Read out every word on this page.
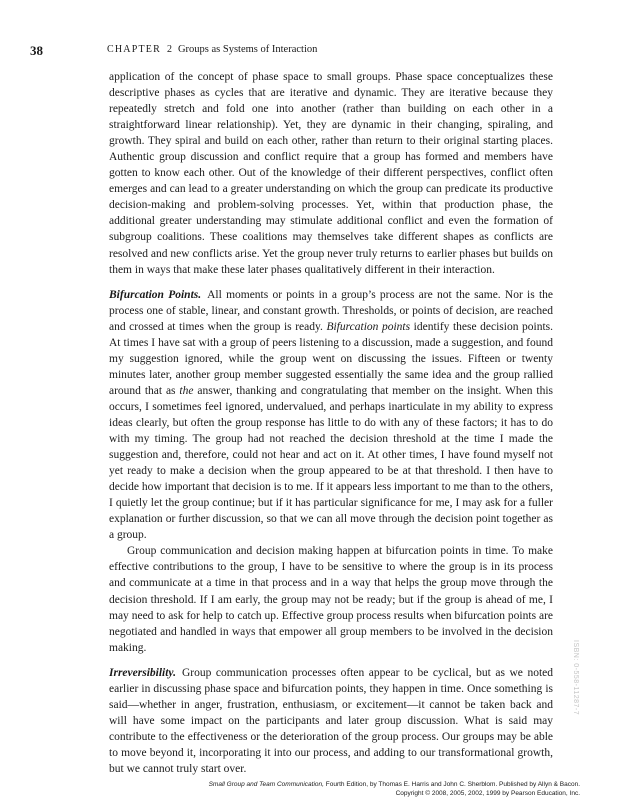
38	CHAPTER 2 Groups as Systems of Interaction

application of the concept of phase space to small groups. Phase space conceptualizes these descriptive phases as cycles that are iterative and dynamic. They are iterative because they repeatedly stretch and fold one into another (rather than building on each other in a straightforward linear relationship). Yet, they are dynamic in their changing, spiraling, and growth. They spiral and build on each other, rather than return to their original starting places. Authentic group discussion and conflict require that a group has formed and members have gotten to know each other. Out of the knowledge of their different perspectives, conflict often emerges and can lead to a greater understanding on which the group can predicate its productive decision-making and problem-solving processes. Yet, within that production phase, the additional greater understanding may stimulate additional conflict and even the formation of subgroup coalitions. These coalitions may themselves take different shapes as conflicts are resolved and new conflicts arise. Yet the group never truly returns to earlier phases but builds on them in ways that make these later phases qualitatively different in their interaction.

Bifurcation Points. All moments or points in a group’s process are not the same. Nor is the process one of stable, linear, and constant growth. Thresholds, or points of decision, are reached and crossed at times when the group is ready. Bifurcation points identify these decision points. At times I have sat with a group of peers listening to a discussion, made a suggestion, and found my suggestion ignored, while the group went on discussing the issues. Fifteen or twenty minutes later, another group member suggested essentially the same idea and the group rallied around that as the answer, thanking and congratulating that member on the insight. When this occurs, I sometimes feel ignored, undervalued, and perhaps inarticulate in my ability to express ideas clearly, but often the group response has little to do with any of these factors; it has to do with my timing. The group had not reached the decision threshold at the time I made the suggestion and, therefore, could not hear and act on it. At other times, I have found myself not yet ready to make a decision when the group appeared to be at that threshold. I then have to decide how important that decision is to me. If it appears less important to me than to the others, I quietly let the group continue; but if it has particular significance for me, I may ask for a fuller explanation or further discussion, so that we can all move through the decision point together as a group.

Group communication and decision making happen at bifurcation points in time. To make effective contributions to the group, I have to be sensitive to where the group is in its process and communicate at a time in that process and in a way that helps the group move through the decision threshold. If I am early, the group may not be ready; but if the group is ahead of me, I may need to ask for help to catch up. Effective group process results when bifurcation points are negotiated and handled in ways that empower all group members to be involved in the decision making.

Irreversibility. Group communication processes often appear to be cyclical, but as we noted earlier in discussing phase space and bifurcation points, they happen in time. Once something is said—whether in anger, frustration, enthusiasm, or excitement—it cannot be taken back and will have some impact on the participants and later group discussion. What is said may contribute to the effectiveness or the deterioration of the group process. Our groups may be able to move beyond it, incorporating it into our process, and adding to our transformational growth, but we cannot truly start over.

ISBN: 0-558-11287-7
Small Group and Team Communication, Fourth Edition, by Thomas E. Harris and John C. Sherblom. Published by Allyn & Bacon.
Copyright © 2008, 2005, 2002, 1999 by Pearson Education, Inc.
